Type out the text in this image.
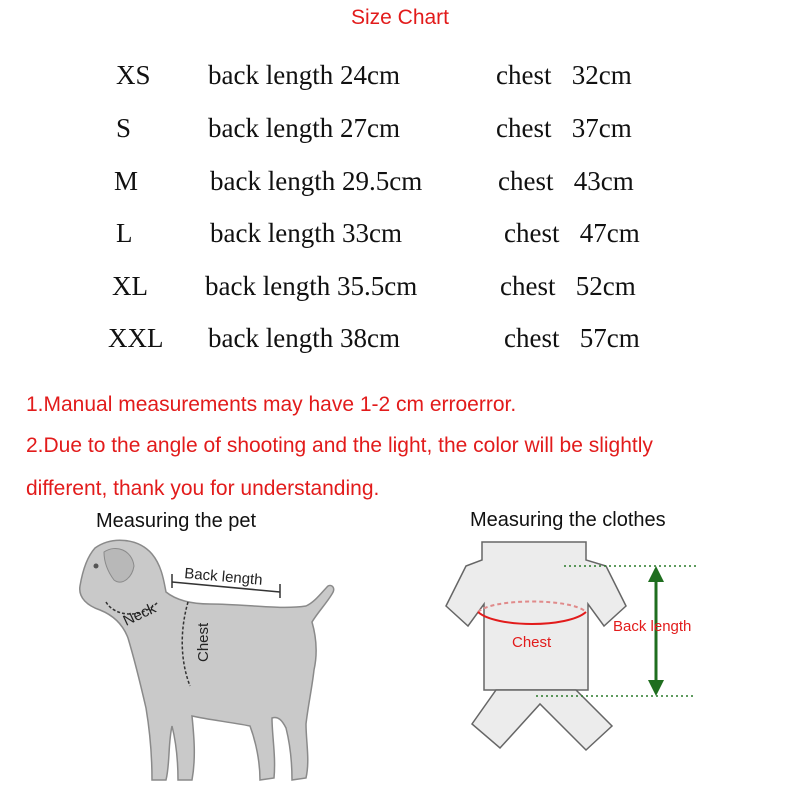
Size Chart
XS back length 24cm	chest   32cm
S	back length 27cm	chest   37cm
M	back length 29.5cm	chest   43cm
L	back length 33cm	chest   47cm
XL back length 35.5cm	chest   52cm
XXL back length 38cm	chest   57cm
1.Manual measurements may have 1-2 cm erroerror.
2.Due to the angle of shooting and the light, the color will be slightly
different, thank you for understanding.
Measuring the pet	Measuring the clothes
Back length
Neck
Chest	Chest
Back length
